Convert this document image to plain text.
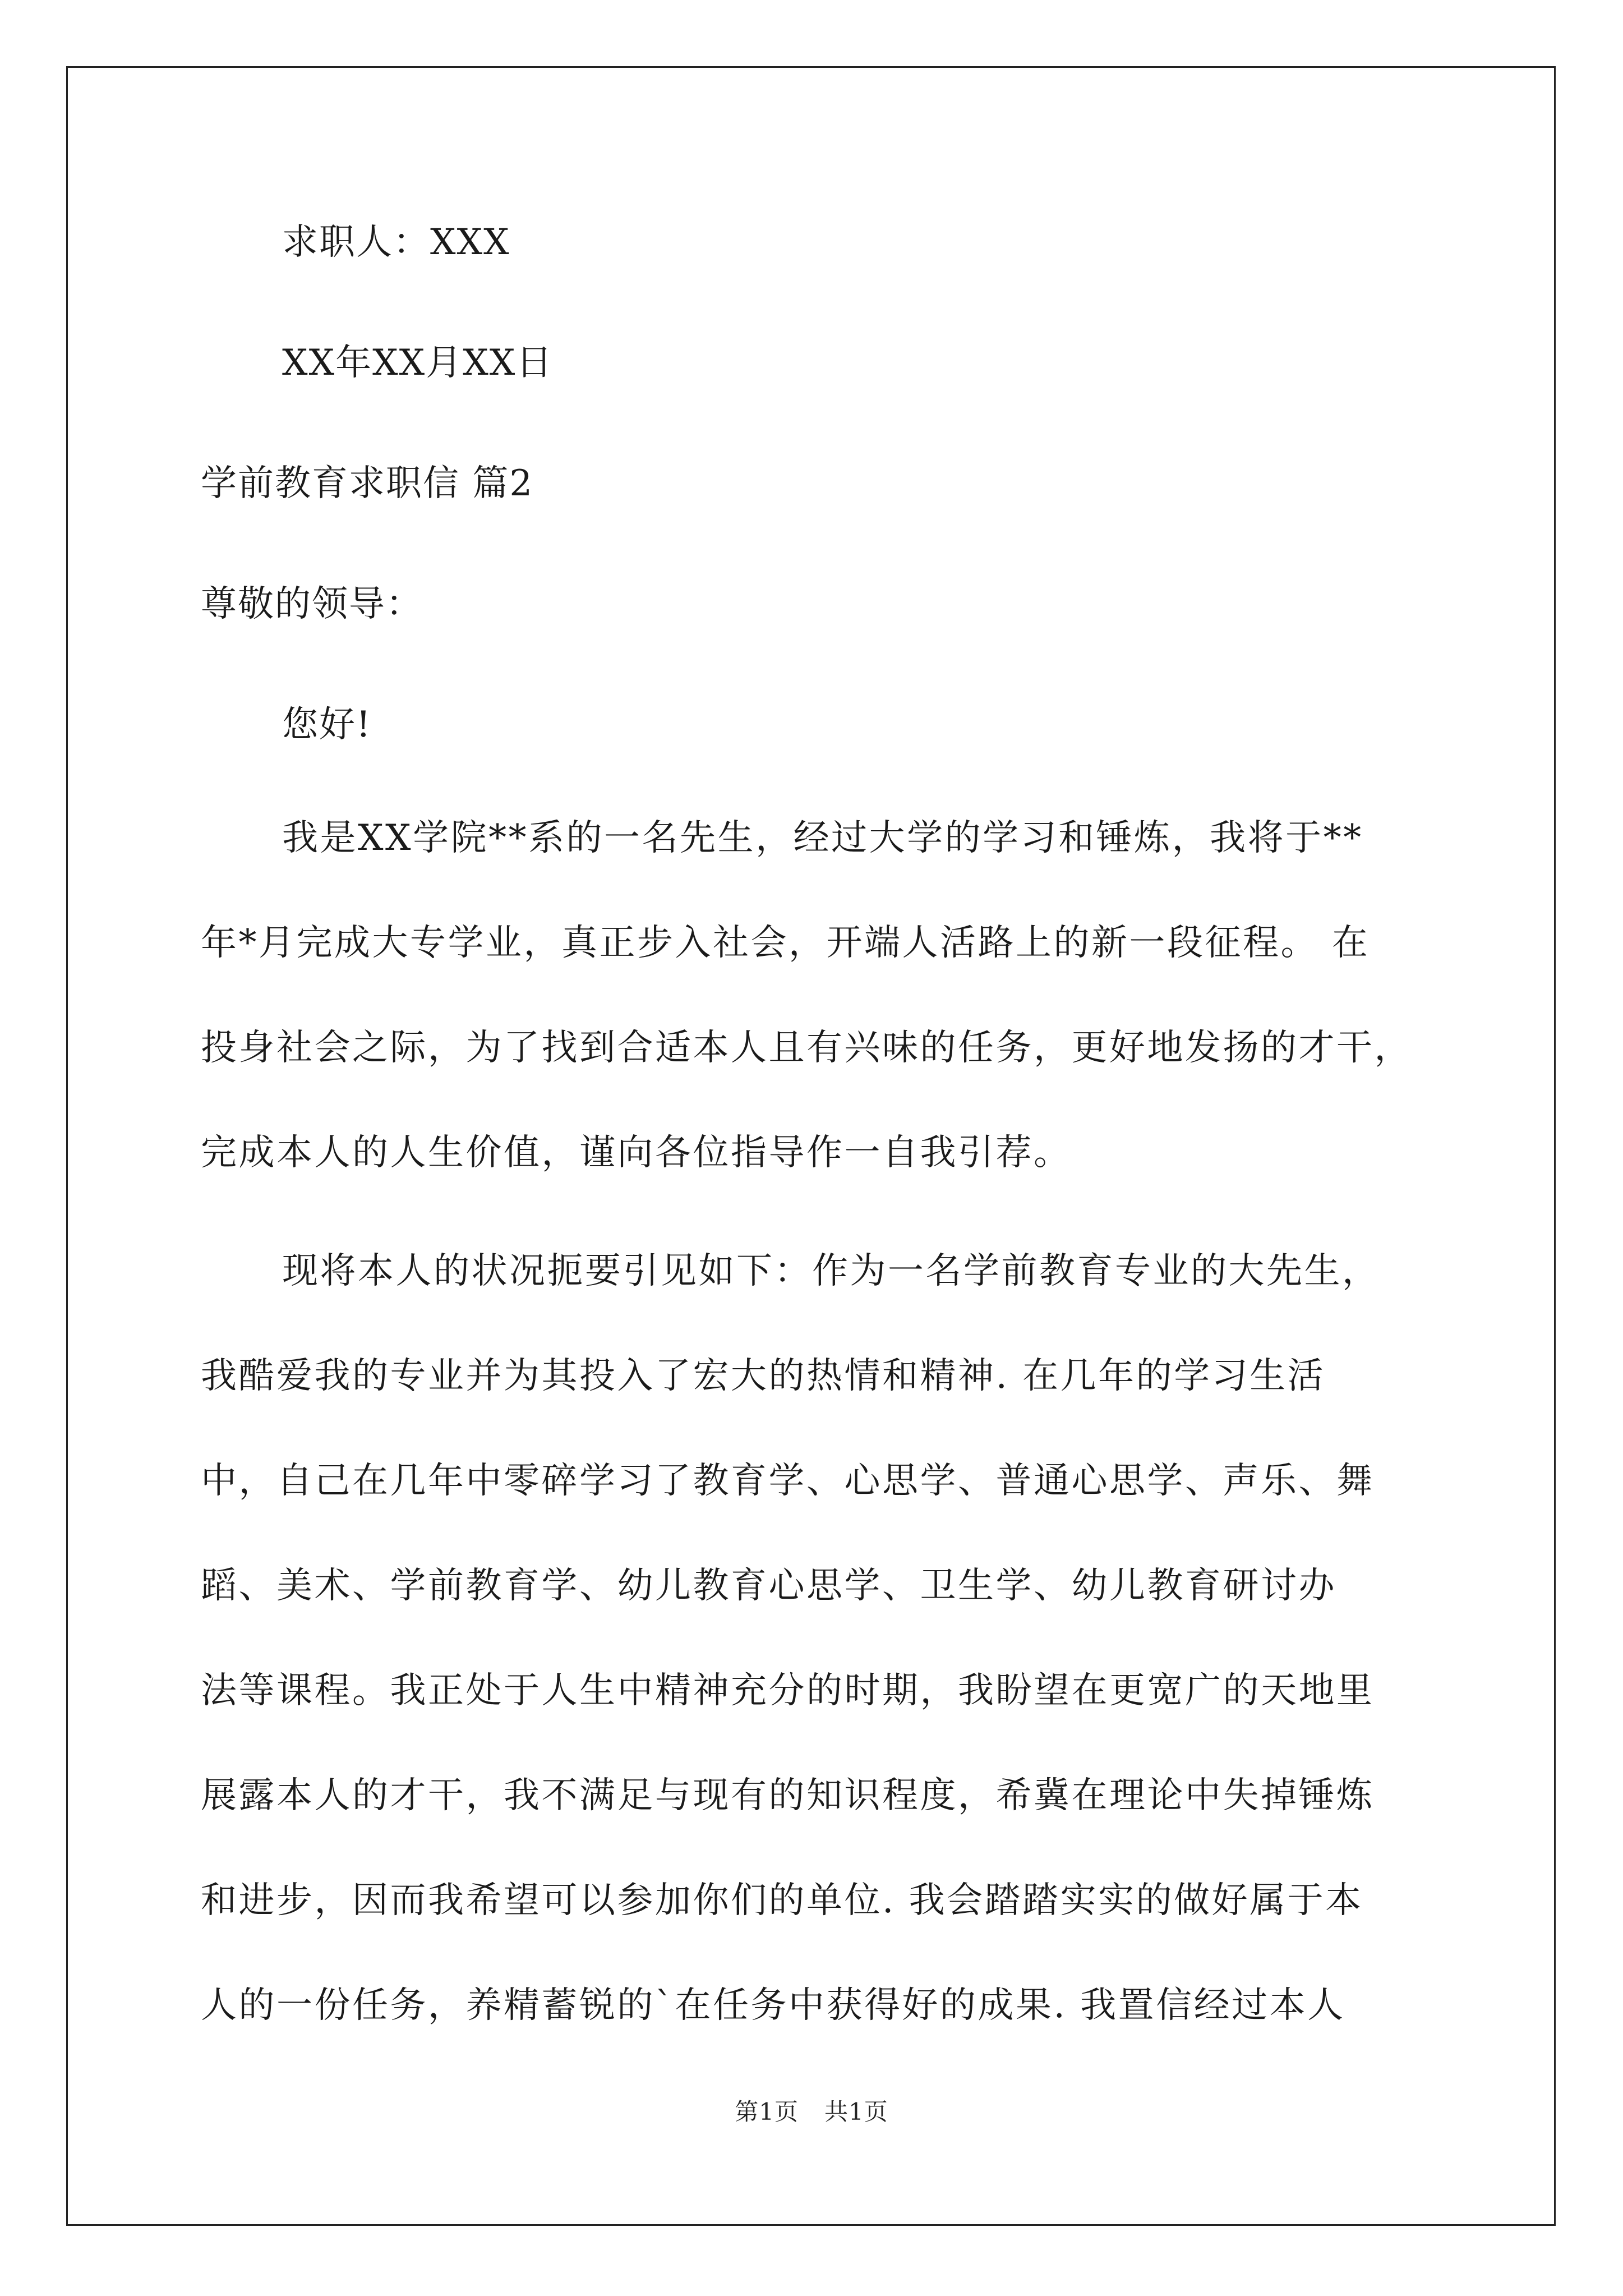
求职人：XXX

XX年XX月XX日

学前教育求职信 篇2

尊敬的领导：

您好!

我是XX学院**系的一名先生，经过大学的学习和锤炼，我将于**
年*月完成大专学业，真正步入社会，开端人活路上的新一段征程。 在
投身社会之际，为了找到合适本人且有兴味的任务，更好地发扬的才干，
完成本人的人生价值，谨向各位指导作一自我引荐。
现将本人的状况扼要引见如下：作为一名学前教育专业的大先生，
我酷爱我的专业并为其投入了宏大的热情和精神. 在几年的学习生活
中，自己在几年中零碎学习了教育学、心思学、普通心思学、声乐、舞
蹈、美术、学前教育学、幼儿教育心思学、卫生学、幼儿教育研讨办
法等课程。我正处于人生中精神充分的时期，我盼望在更宽广的天地里
展露本人的才干，我不满足与现有的知识程度，希冀在理论中失掉锤炼
和进步，因而我希望可以参加你们的单位. 我会踏踏实实的做好属于本
人的一份任务，养精蓄锐的`在任务中获得好的成果. 我置信经过本人
第1页 共1页
